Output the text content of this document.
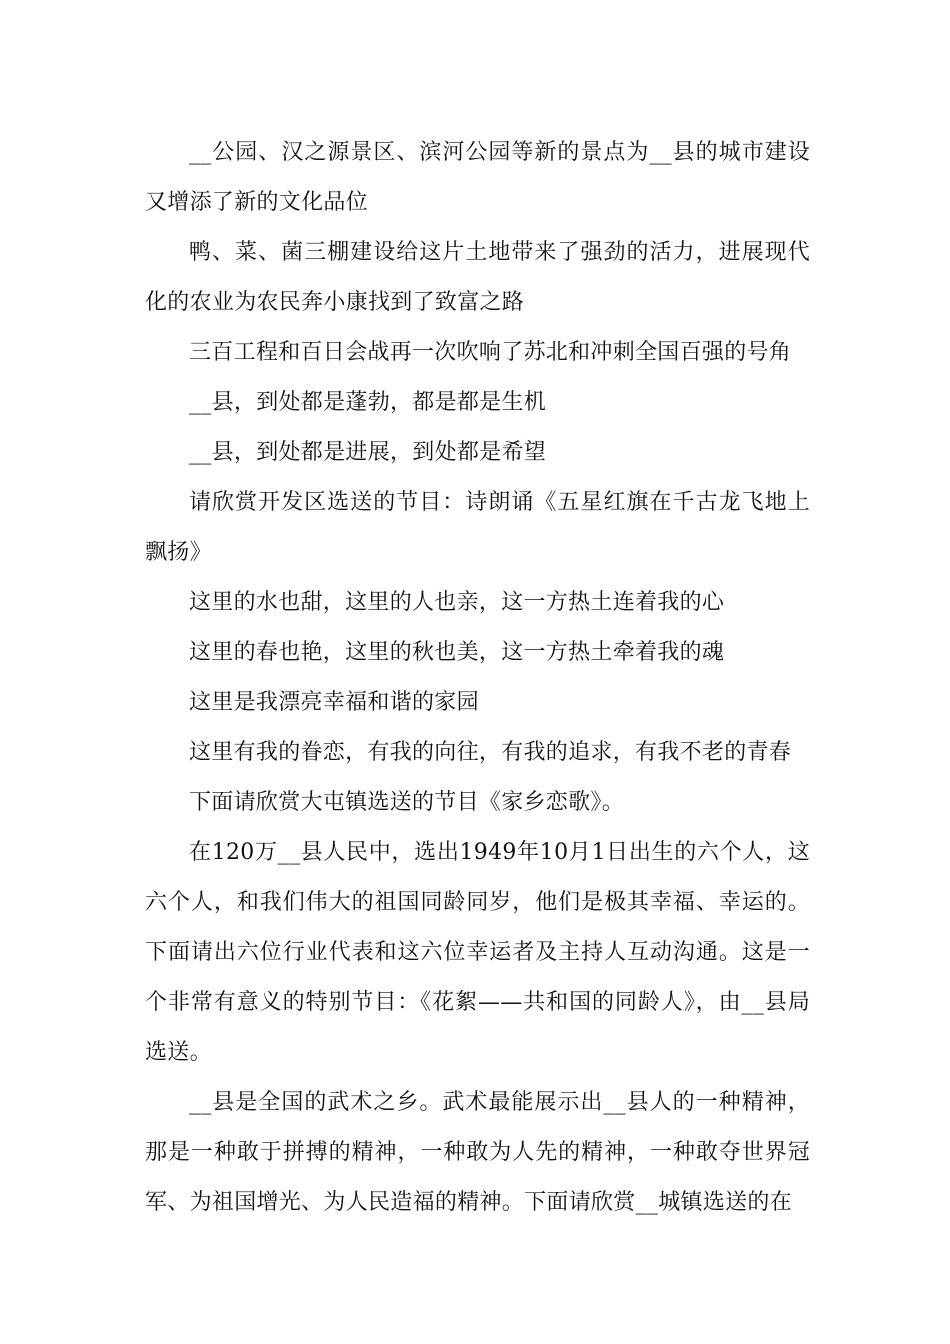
__公园、汉之源景区、滨河公园等新的景点为__县的城市建设又增添了新的文化品位

鸭、菜、菌三棚建设给这片土地带来了强劲的活力，进展现代化的农业为农民奔小康找到了致富之路

三百工程和百日会战再一次吹响了苏北和冲刺全国百强的号角

__县，到处都是蓬勃，都是都是生机

__县，到处都是进展，到处都是希望

请欣赏开发区选送的节目：诗朗诵《五星红旗在千古龙飞地上飘扬》

这里的水也甜，这里的人也亲，这一方热土连着我的心

这里的春也艳，这里的秋也美，这一方热土牵着我的魂

这里是我漂亮幸福和谐的家园

这里有我的眷恋，有我的向往，有我的追求，有我不老的青春

下面请欣赏大屯镇选送的节目《家乡恋歌》。

在120万__县人民中，选出1949年10月1日出生的六个人，这六个人，和我们伟大的祖国同龄同岁，他们是极其幸福、幸运的。下面请出六位行业代表和这六位幸运者及主持人互动沟通。这是一个非常有意义的特别节目：《花絮——共和国的同龄人》，由__县局选送。

__县是全国的武术之乡。武术最能展示出__县人的一种精神，那是一种敢于拼搏的精神，一种敢为人先的精神，一种敢夺世界冠军、为祖国增光、为人民造福的精神。下面请欣赏__城镇选送的在
